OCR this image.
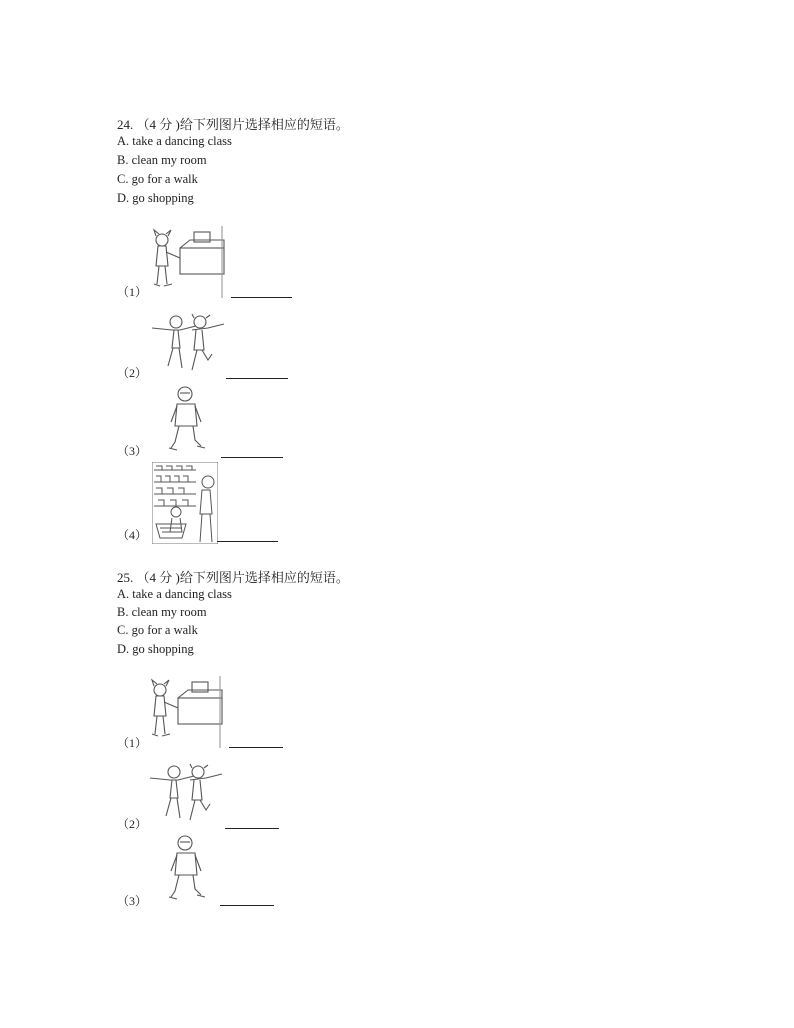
24. （4 分 )给下列图片选择相应的短语。
A. take a dancing class
B. clean my room
C. go for a walk
D. go shopping
（1）
（2）
（3）
（4）
25. （4 分 )给下列图片选择相应的短语。
A. take a dancing class
B. clean my room
C. go for a walk
D. go shopping
（1）
（2）
（3）
